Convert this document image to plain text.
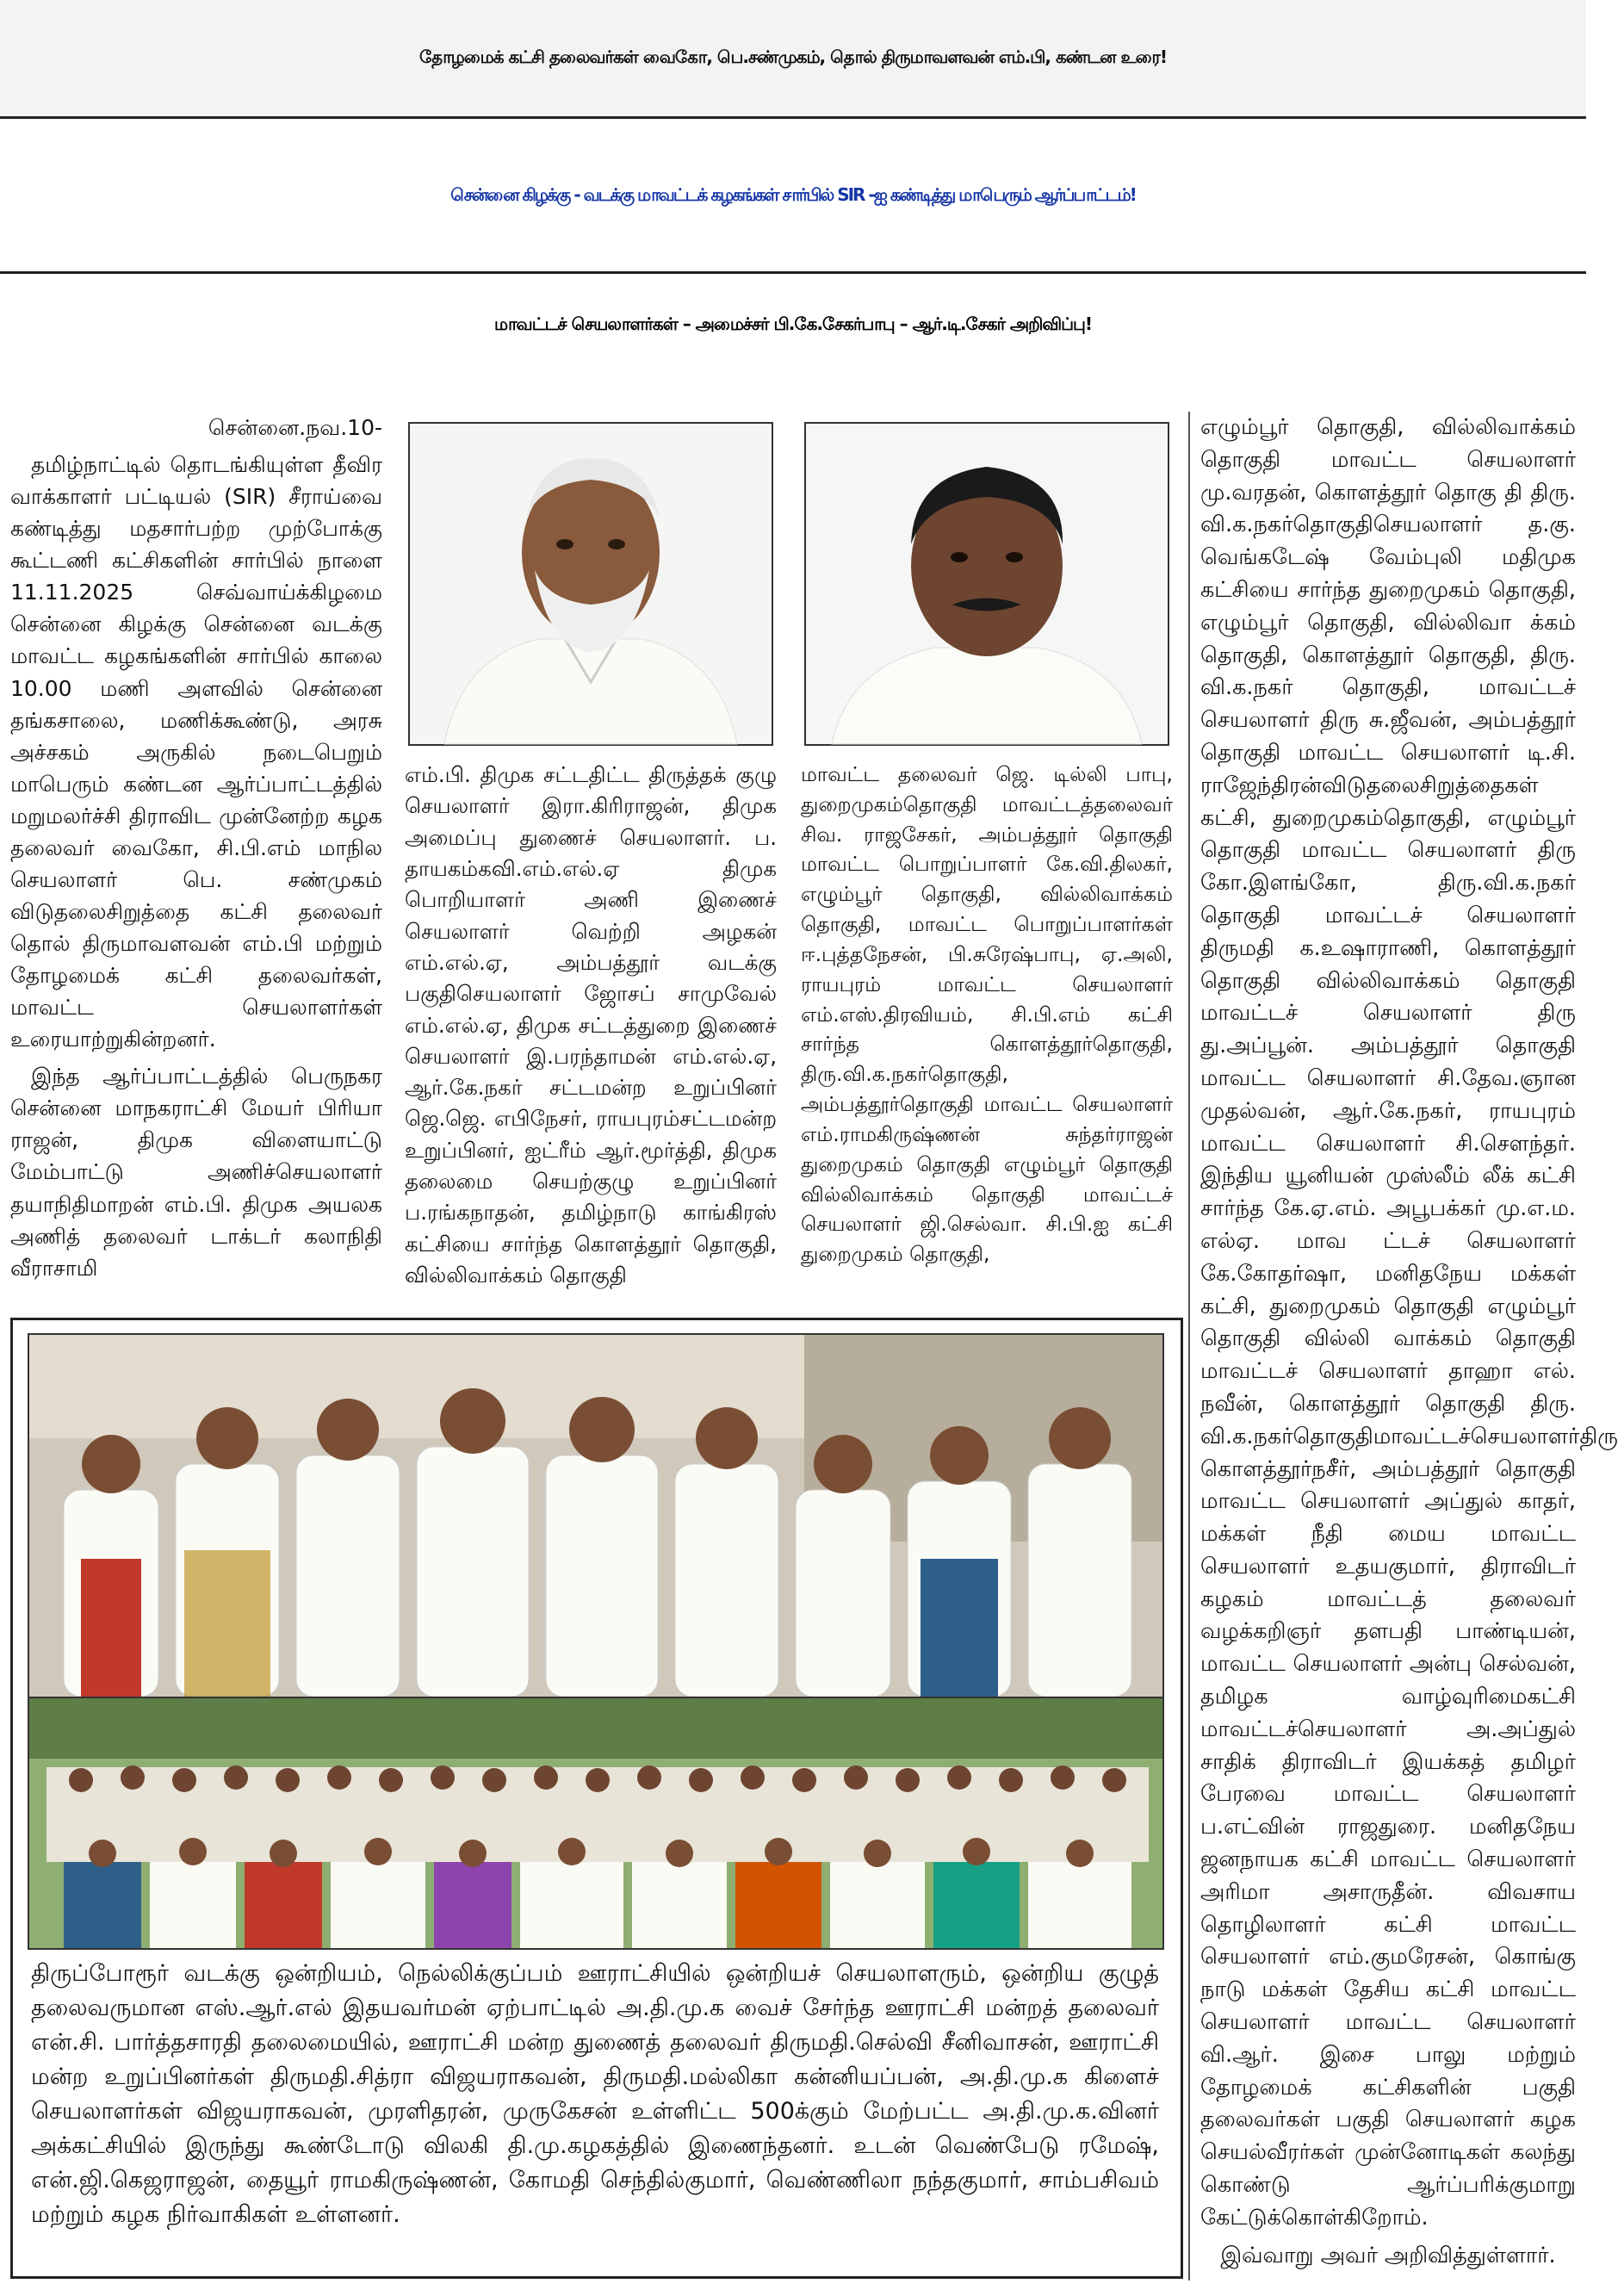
தோழமைக் கட்சி தலைவர்கள் வைகோ, பெ.சண்முகம், தொல் திருமாவளவன் எம்.பி, கண்டன உரை!
சென்னை கிழக்கு - வடக்கு மாவட்டக் கழகங்கள் சார்பில் SIR -ஐ கண்டித்து மாபெரும் ஆர்ப்பாட்டம்!
மாவட்டச் செயலாளர்கள் – அமைச்சர் பி.கே.சேகர்பாபு – ஆர்.டி.சேகர் அறிவிப்பு!

சென்னை.நவ.10-

தமிழ்நாட்டில் தொடங்கியுள்ள தீவிர வாக்காளர் பட்டியல் (SIR) சீராய்வை கண்டித்து மதசார்பற்ற முற்போக்கு கூட்டணி கட்சிகளின் சார்பில் நாளை 11.11.2025 செவ்வாய்க்கிழமை சென்னை கிழக்கு சென்னை வடக்கு மாவட்ட கழகங்களின் சார்பில் காலை 10.00 மணி அளவில் சென்னை தங்கசாலை, மணிக்கூண்டு, அரசு அச்சகம் அருகில் நடைபெறும் மாபெரும் கண்டன ஆர்ப்பாட்டத்தில் மறுமலர்ச்சி திராவிட முன்னேற்ற கழக தலைவர் வைகோ, சி.பி.எம் மாநில செயலாளர் பெ. சண்முகம் விடுதலைசிறுத்தை கட்சி தலைவர் தொல் திருமாவளவன் எம்.பி மற்றும் தோழமைக் கட்சி தலைவர்கள், மாவட்ட செயலாளர்கள் உரையாற்றுகின்றனர்.

இந்த ஆர்ப்பாட்டத்தில் பெருநகர சென்னை மாநகராட்சி மேயர் பிரியா ராஜன், திமுக விளையாட்டு மேம்பாட்டு அணிச்செயலாளர் தயாநிதிமாறன் எம்.பி. திமுக அயலக அணித் தலைவர் டாக்டர் கலாநிதி வீராசாமி

எம்.பி. திமுக சட்டதிட்ட திருத்தக் குழு செயலாளர் இரா.கிரிராஜன், திமுக அமைப்பு துணைச் செயலாளர். ப. தாயகம்கவி.எம்.எல்.ஏ திமுக பொறியாளர் அணி இணைச் செயலாளர் வெற்றி அழகன் எம்.எல்.ஏ, அம்பத்தூர் வடக்கு பகுதிசெயலாளர் ஜோசப் சாமுவேல் எம்.எல்.ஏ, திமுக சட்டத்துறை இணைச் செயலாளர் இ.பரந்தாமன் எம்.எல்.ஏ, ஆர்.கே.நகர் சட்டமன்ற உறுப்பினர் ஜெ.ஜெ. எபிநேசர், ராயபுரம்சட்டமன்ற உறுப்பினர், ஐட்ரீம் ஆர்.மூர்த்தி, திமுக தலைமை செயற்குழு உறுப்பினர் ப.ரங்கநாதன், தமிழ்நாடு காங்கிரஸ் கட்சியை சார்ந்த கொளத்தூர் தொகுதி, வில்லிவாக்கம் தொகுதி

மாவட்ட தலைவர் ஜெ. டில்லி பாபு, துறைமுகம்தொகுதி மாவட்டத்தலைவர் சிவ. ராஜசேகர், அம்பத்தூர் தொகுதி மாவட்ட பொறுப்பாளர் கே.வி.திலகர், எழும்பூர் தொகுதி, வில்லிவாக்கம் தொகுதி, மாவட்ட பொறுப்பாளர்கள் ஈ.புத்தநேசன், பி.சுரேஷ்பாபு, ஏ.அலி, ராயபுரம் மாவட்ட செயலாளர் எம்.எஸ்.திரவியம், சி.பி.எம் கட்சி சார்ந்த கொளத்தூர்தொகுதி, திரு.வி.க.நகர்தொகுதி, அம்பத்தூர்தொகுதி மாவட்ட செயலாளர் எம்.ராமகிருஷ்ணன் சுந்தர்ராஜன் துறைமுகம் தொகுதி எழும்பூர் தொகுதி வில்லிவாக்கம் தொகுதி மாவட்டச் செயலாளர் ஜி.செல்வா. சி.பி.ஐ கட்சி துறைமுகம் தொகுதி,

எழும்பூர் தொகுதி, வில்லிவாக்கம் தொகுதி மாவட்ட செயலாளர் மு.வரதன், கொளத்தூர் தொகு தி திரு. வி.க.நகர்தொகுதிசெயலாளர் த.கு. வெங்கடேஷ் வேம்புலி மதிமுக கட்சியை சார்ந்த துறைமுகம் தொகுதி, எழும்பூர் தொகுதி, வில்லிவா க்கம் தொகுதி, கொளத்தூர் தொகுதி, திரு. வி.க.நகர் தொகுதி, மாவட்டச் செயலாளர் திரு சு.ஜீவன், அம்பத்தூர் தொகுதி மாவட்ட செயலாளர் டி.சி. ராஜேந்திரன்விடுதலைசிறுத்தைகள் கட்சி, துறைமுகம்தொகுதி, எழும்பூர் தொகுதி மாவட்ட செயலாளர் திரு கோ.இளங்கோ, திரு.வி.க.நகர் தொகுதி மாவட்டச் செயலாளர் திருமதி க.உஷாராணி, கொளத்தூர் தொகுதி வில்லிவாக்கம் தொகுதி மாவட்டச் செயலாளர் திரு து.அப்பூன். அம்பத்தூர் தொகுதி மாவட்ட செயலாளர் சி.தேவ.ஞான முதல்வன், ஆர்.கே.நகர், ராயபுரம் மாவட்ட செயலாளர் சி.சௌந்தர். இந்திய யூனியன் முஸ்லீம் லீக் கட்சி சார்ந்த கே.ஏ.எம். அபூபக்கர் மு.எ.ம. எல்ஏ. மாவ ட்டச் செயலாளர் கே.கோதர்ஷா, மனிதநேய மக்கள் கட்சி, துறைமுகம் தொகுதி எழும்பூர் தொகுதி வில்லி வாக்கம் தொகுதி மாவட்டச் செயலாளர் தாஹா எல். நவீன், கொளத்தூர் தொகுதி திரு. வி.க.நகர்தொகுதிமாவட்டச்செயலாளர்திரு கொளத்தூர்நசீர், அம்பத்தூர் தொகுதி மாவட்ட செயலாளர் அப்துல் காதர், மக்கள் நீதி மைய மாவட்ட செயலாளர் உதயகுமார், திராவிடர் கழகம் மாவட்டத் தலைவர் வழக்கறிஞர் தளபதி பாண்டியன், மாவட்ட செயலாளர் அன்பு செல்வன், தமிழக வாழ்வுரிமைகட்சி மாவட்டச்செயலாளர் அ.அப்துல் சாதிக் திராவிடர் இயக்கத் தமிழர் பேரவை மாவட்ட செயலாளர் ப.எட்வின் ராஜதுரை. மனிதநேய ஜனநாயக கட்சி மாவட்ட செயலாளர் அரிமா அசாருதீன். விவசாய தொழிலாளர் கட்சி மாவட்ட செயலாளர் எம்.குமரேசன், கொங்கு நாடு மக்கள் தேசிய கட்சி மாவட்ட செயலாளர் மாவட்ட செயலாளர் வி.ஆர். இசை பாலு மற்றும் தோழமைக் கட்சிகளின் பகுதி தலைவர்கள் பகுதி செயலாளர் கழக செயல்வீரர்கள் முன்னோடிகள் கலந்து கொண்டு ஆர்ப்பரிக்குமாறு கேட்டுக்கொள்கிறோம்.

இவ்வாறு அவர் அறிவித்துள்ளார்.

திருப்போரூர் வடக்கு ஒன்றியம், நெல்லிக்குப்பம் ஊராட்சியில் ஒன்றியச் செயலாளரும், ஒன்றிய குழுத் தலைவருமான எஸ்.ஆர்.எல் இதயவர்மன் ஏற்பாட்டில் அ.தி.மு.க வைச் சேர்ந்த ஊராட்சி மன்றத் தலைவர் என்.சி. பார்த்தசாரதி தலைமையில், ஊராட்சி மன்ற துணைத் தலைவர் திருமதி.செல்வி சீனிவாசன், ஊராட்சி மன்ற உறுப்பினர்கள் திருமதி.சித்ரா விஜயராகவன், திருமதி.மல்லிகா கன்னியப்பன், அ.தி.மு.க கிளைச் செயலாளர்கள் விஜயராகவன், முரளிதரன், முருகேசன் உள்ளிட்ட 500க்கும் மேற்பட்ட அ.தி.மு.க.வினர் அக்கட்சியில் இருந்து கூண்டோடு விலகி தி.மு.கழகத்தில் இணைந்தனர். உடன் வெண்பேடு ரமேஷ், என்.ஜி.கெஜராஜன், தையூர் ராமகிருஷ்ணன், கோமதி செந்தில்குமார், வெண்ணிலா நந்தகுமார், சாம்பசிவம் மற்றும் கழக நிர்வாகிகள் உள்ளனர்.
